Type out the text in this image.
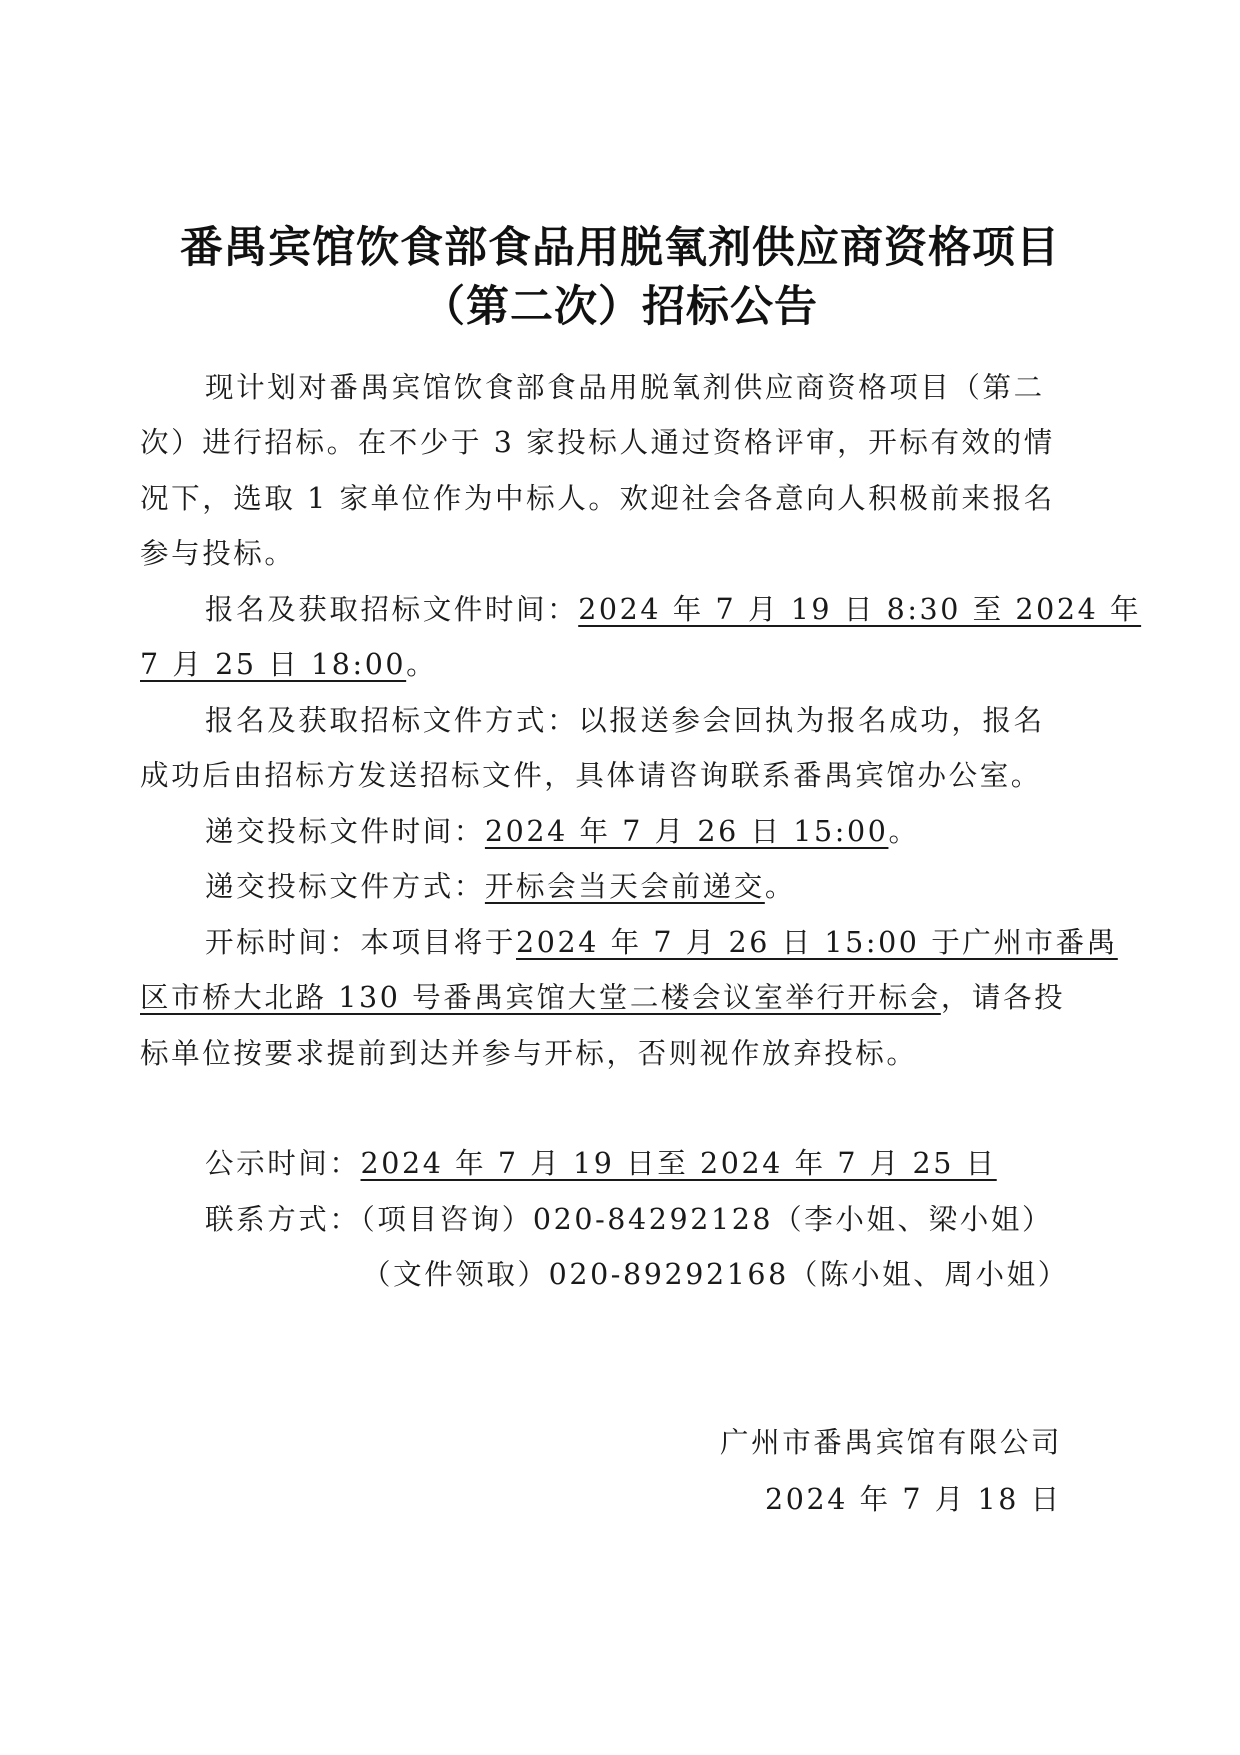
番禺宾馆饮食部食品用脱氧剂供应商资格项目
（第二次）招标公告
现计划对番禺宾馆饮食部食品用脱氧剂供应商资格项目（第二
次）进行招标。在不少于 3 家投标人通过资格评审，开标有效的情
况下，选取 1 家单位作为中标人。欢迎社会各意向人积极前来报名
参与投标。
报名及获取招标文件时间：2024 年 7 月 19 日 8:30 至 2024 年
7 月 25 日 18:00。
报名及获取招标文件方式：以报送参会回执为报名成功，报名
成功后由招标方发送招标文件，具体请咨询联系番禺宾馆办公室。
递交投标文件时间：2024 年 7 月 26 日 15:00。
递交投标文件方式：开标会当天会前递交。
开标时间：本项目将于2024 年 7 月 26 日 15:00 于广州市番禺
区市桥大北路 130 号番禺宾馆大堂二楼会议室举行开标会，请各投
标单位按要求提前到达并参与开标，否则视作放弃投标。
公示时间：2024 年 7 月 19 日至 2024 年 7 月 25 日
联系方式：（项目咨询）020-84292128（李小姐、梁小姐）
（文件领取）020-89292168（陈小姐、周小姐）
广州市番禺宾馆有限公司
2024 年 7 月 18 日
